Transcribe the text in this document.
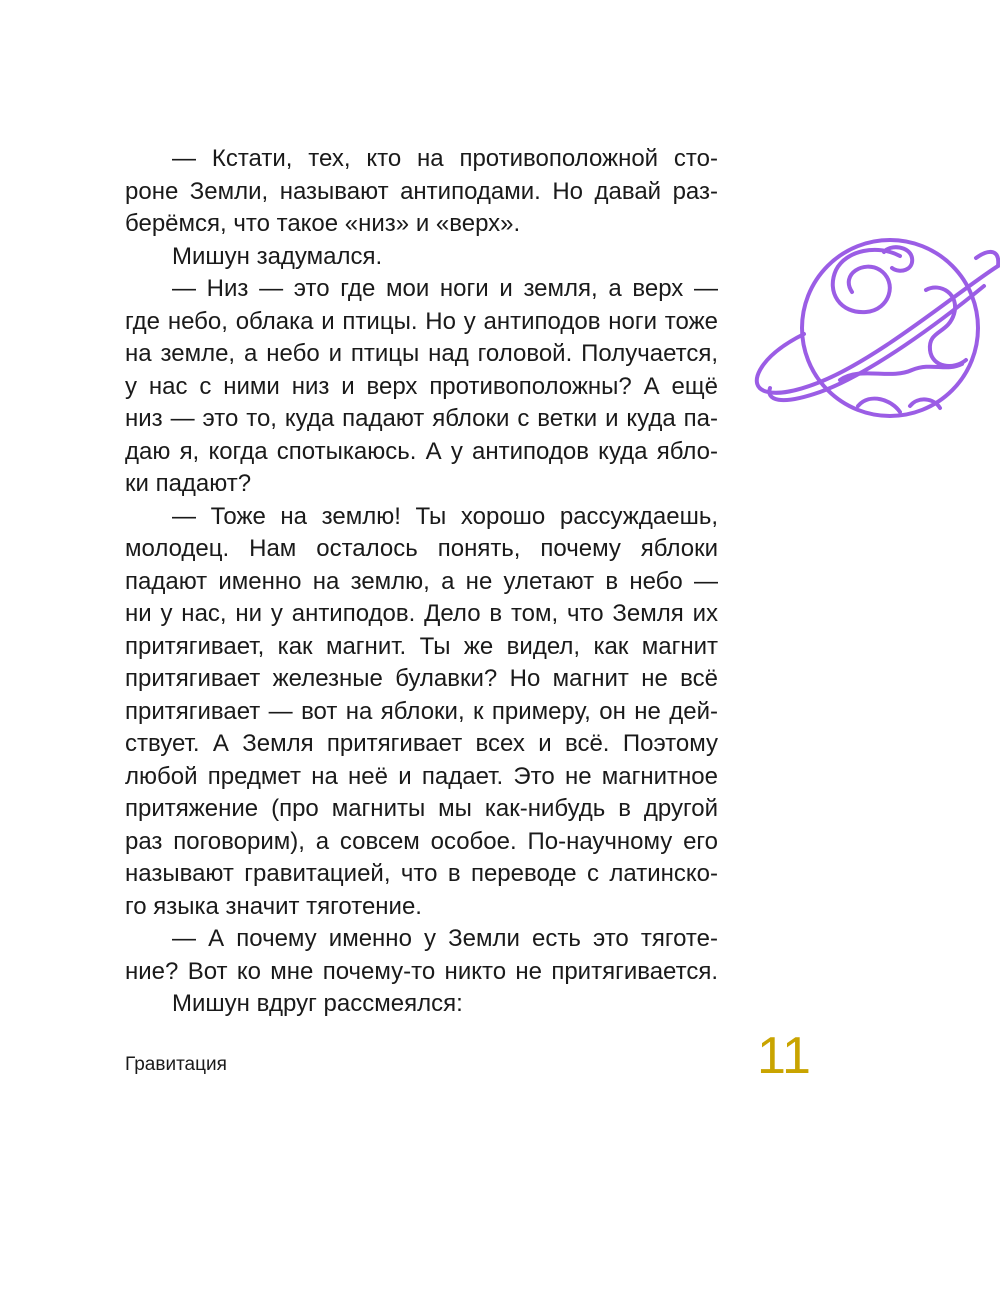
— Кстати, тех, кто на противоположной сто-
роне Земли, называют антиподами. Но давай раз-
берёмся, что такое «низ» и «верх».
Мишун задумался.
— Низ — это где мои ноги и земля, а верх —
где небо, облака и птицы. Но у антиподов ноги тоже
на земле, а небо и птицы над головой. Получается,
у нас с ними низ и верх противоположны? А ещё
низ — это то, куда падают яблоки с ветки и куда па-
даю я, когда спотыкаюсь. А у антиподов куда ябло-
ки падают?
— Тоже на землю! Ты хорошо рассуждаешь,
молодец. Нам осталось понять, почему яблоки
падают именно на землю, а не улетают в небо —
ни у нас, ни у антиподов. Дело в том, что Земля их
притягивает, как магнит. Ты же видел, как магнит
притягивает железные булавки? Но магнит не всё
притягивает — вот на яблоки, к примеру, он не дей-
ствует. А Земля притягивает всех и всё. Поэтому
любой предмет на неё и падает. Это не магнитное
притяжение (про магниты мы как-нибудь в другой
раз поговорим), а совсем особое. По-научному его
называют гравитацией, что в переводе с латинско-
го языка значит тяготение.
— А почему именно у Земли есть это тяготе-
ние? Вот ко мне почему-то никто не притягивается.
Мишун вдруг рассмеялся:
Гравитация	11
